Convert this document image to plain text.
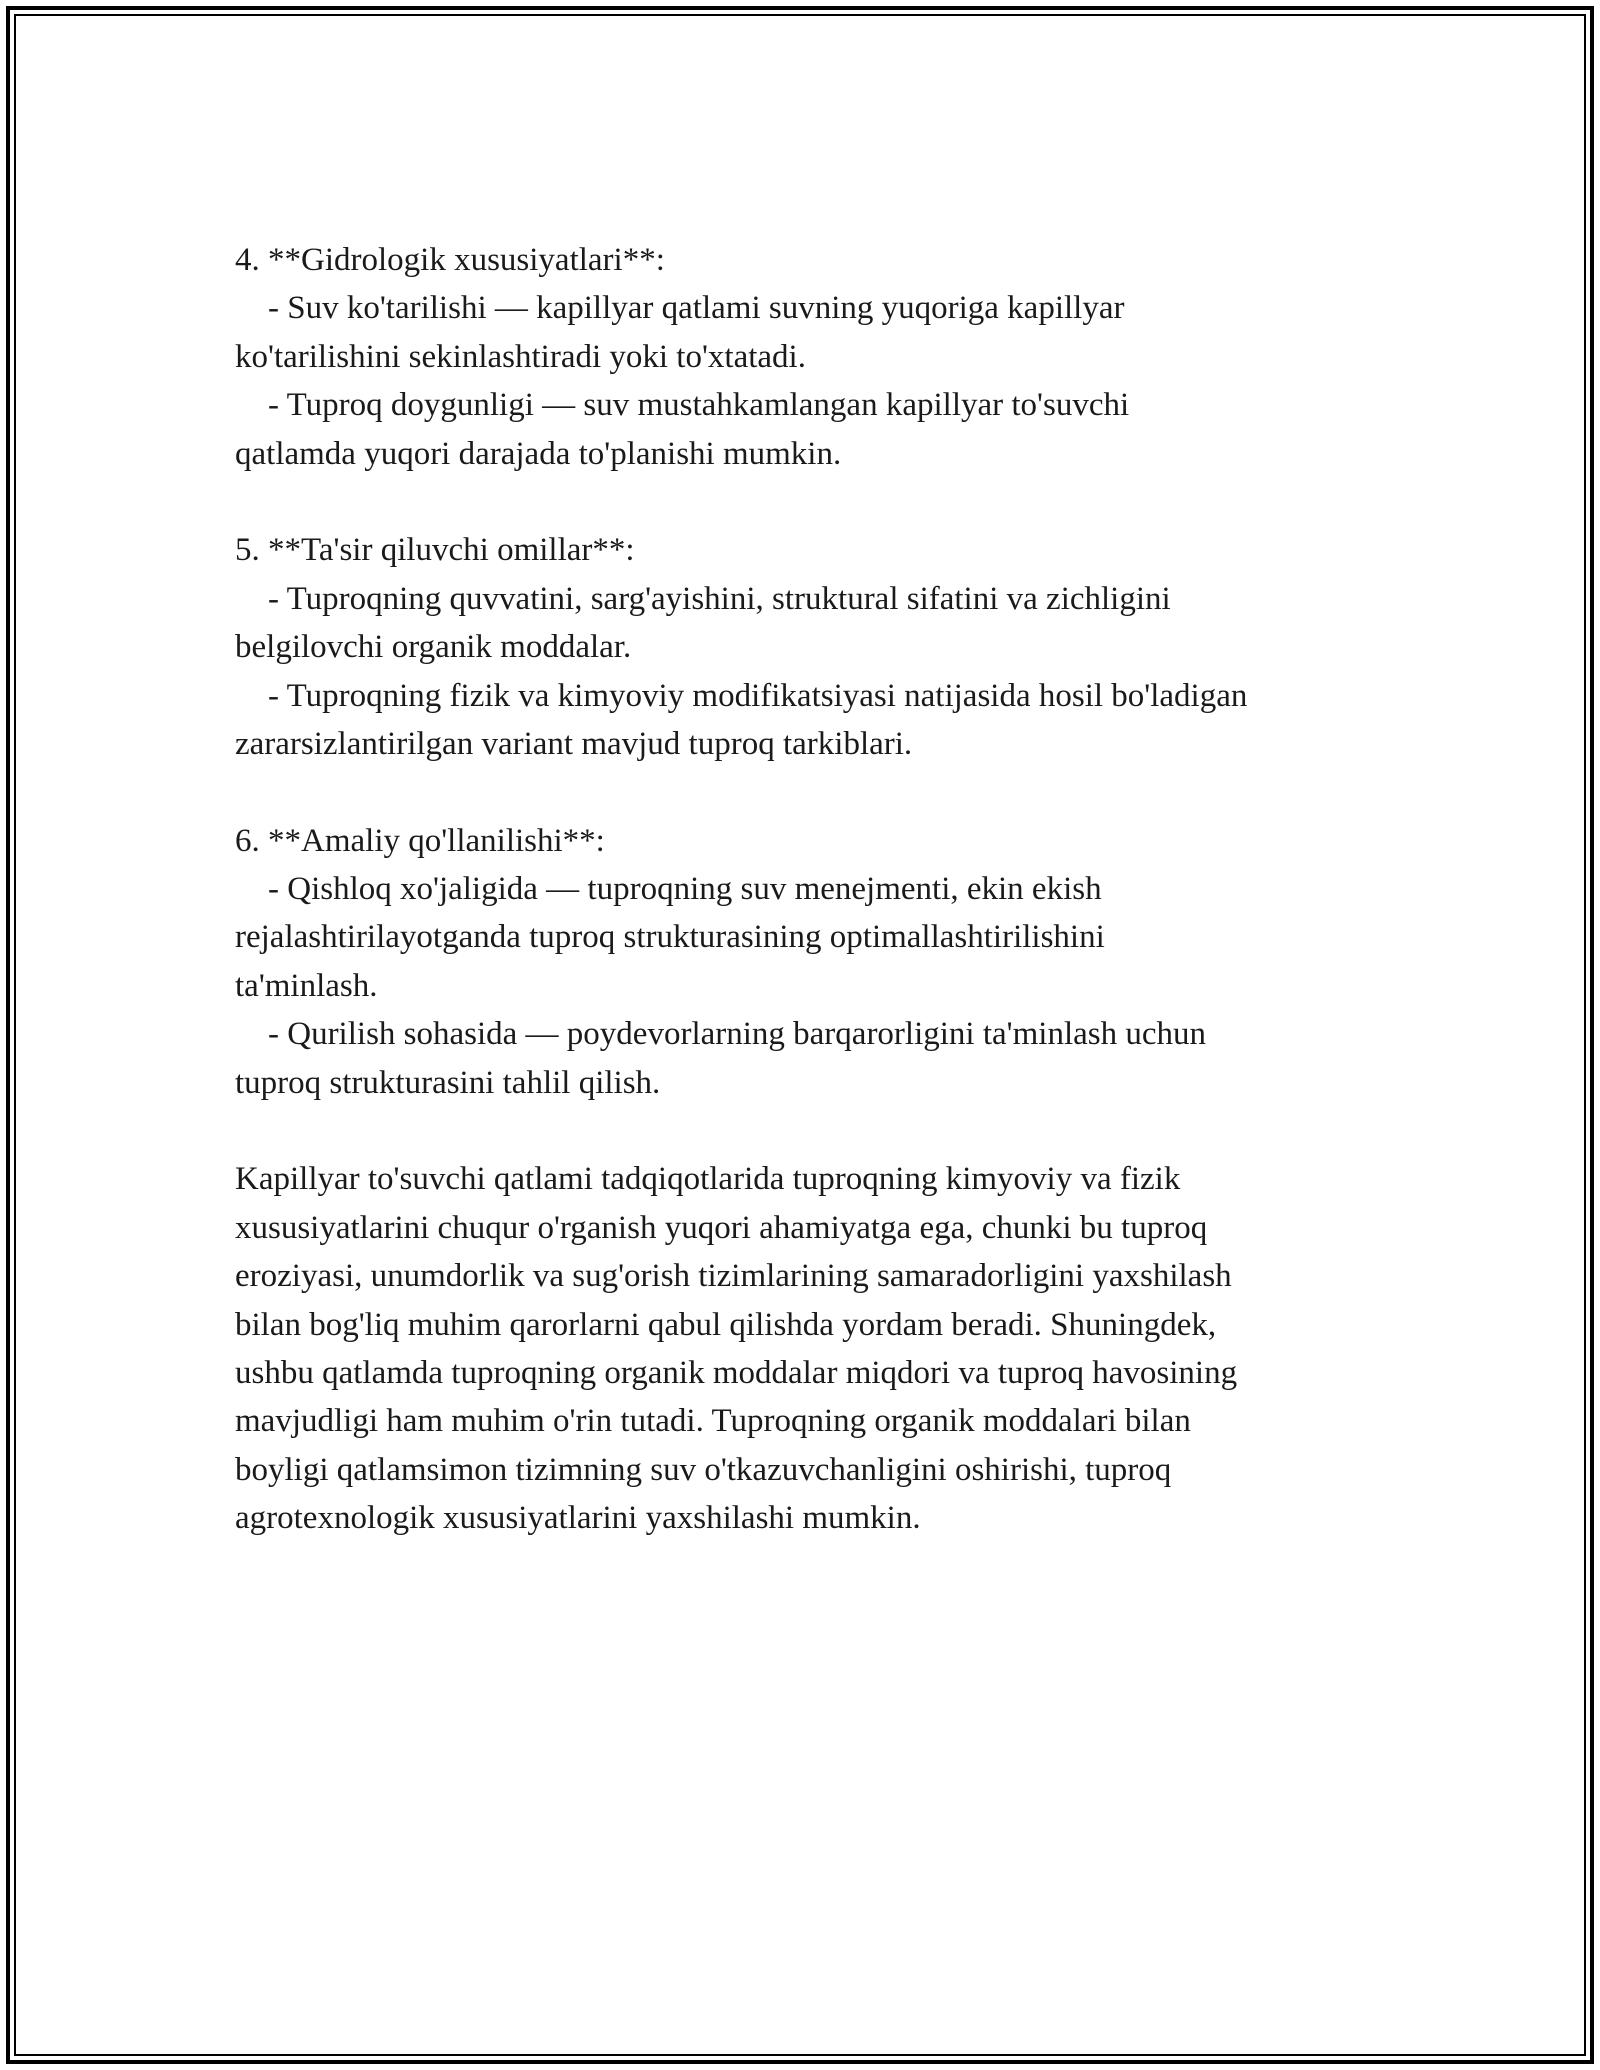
4. **Gidrologik xususiyatlari**:
- Suv ko'tarilishi — kapillyar qatlami suvning yuqoriga kapillyar
ko'tarilishini sekinlashtiradi yoki to'xtatadi.
- Tuproq doygunligi — suv mustahkamlangan kapillyar to'suvchi
qatlamda yuqori darajada to'planishi mumkin.
5. **Ta'sir qiluvchi omillar**:
- Tuproqning quvvatini, sarg'ayishini, struktural sifatini va zichligini
belgilovchi organik moddalar.
- Tuproqning fizik va kimyoviy modifikatsiyasi natijasida hosil bo'ladigan
zararsizlantirilgan variant mavjud tuproq tarkiblari.
6. **Amaliy qo'llanilishi**:
- Qishloq xo'jaligida — tuproqning suv menejmenti, ekin ekish
rejalashtirilayotganda tuproq strukturasining optimallashtirilishini
ta'minlash.
- Qurilish sohasida — poydevorlarning barqarorligini ta'minlash uchun
tuproq strukturasini tahlil qilish.
Kapillyar to'suvchi qatlami tadqiqotlarida tuproqning kimyoviy va fizik
xususiyatlarini chuqur o'rganish yuqori ahamiyatga ega, chunki bu tuproq
eroziyasi, unumdorlik va sug'orish tizimlarining samaradorligini yaxshilash
bilan bog'liq muhim qarorlarni qabul qilishda yordam beradi. Shuningdek,
ushbu qatlamda tuproqning organik moddalar miqdori va tuproq havosining
mavjudligi ham muhim o'rin tutadi. Tuproqning organik moddalari bilan
boyligi qatlamsimon tizimning suv o'tkazuvchanligini oshirishi, tuproq
agrotexnologik xususiyatlarini yaxshilashi mumkin.
